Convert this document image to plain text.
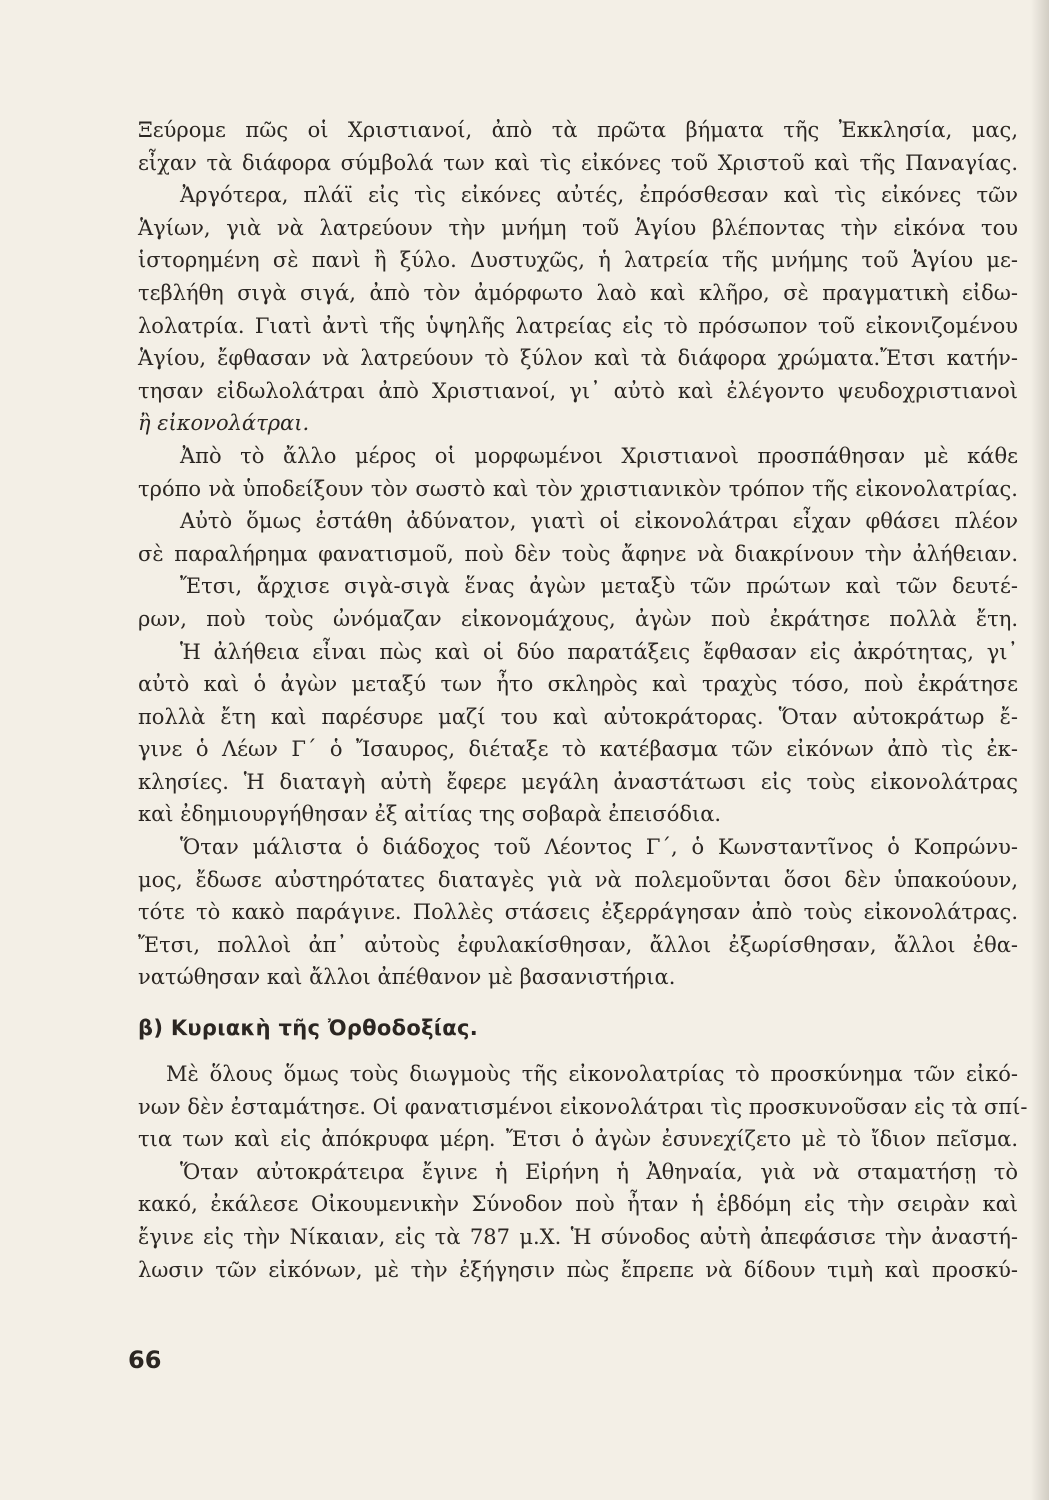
Ξεύρομε πῶς οἱ Χριστιανοί, ἀπὸ τὰ πρῶτα βήματα τῆς Ἐκκλησία, μας,
εἶχαν τὰ διάφορα σύμβολά των καὶ τὶς εἰκόνες τοῦ Χριστοῦ καὶ τῆς Παναγίας.

Ἀργότερα, πλάϊ εἰς τὶς εἰκόνες αὐτές, ἐπρόσθεσαν καὶ τὶς εἰκόνες τῶν
Ἁγίων, γιὰ νὰ λατρεύουν τὴν μνήμη τοῦ Ἁγίου βλέποντας τὴν εἰκόνα του
ἱστορημένη σὲ πανὶ ἢ ξύλο. Δυστυχῶς, ἡ λατρεία τῆς μνήμης τοῦ Ἁγίου με-
τεβλήθη σιγὰ σιγά, ἀπὸ τὸν ἀμόρφωτο λαὸ καὶ κλῆρο, σὲ πραγματικὴ εἰδω-
λολατρία. Γιατὶ ἀντὶ τῆς ὑψηλῆς λατρείας εἰς τὸ πρόσωπον τοῦ εἰκονιζομένου
Ἁγίου, ἔφθασαν νὰ λατρεύουν τὸ ξύλον καὶ τὰ διάφορα χρώματα.Ἔτσι κατήν-
τησαν εἰδωλολάτραι ἀπὸ Χριστιανοί, γι᾽ αὐτὸ καὶ ἐλέγοντο ψευδοχριστιανοὶ
ἢ εἰκονολάτραι.

Ἀπὸ τὸ ἄλλο μέρος οἱ μορφωμένοι Χριστιανοὶ προσπάθησαν μὲ κάθε
τρόπο νὰ ὑποδείξουν τὸν σωστὸ καὶ τὸν χριστιανικὸν τρόπον τῆς εἰκονολατρίας.

Αὐτὸ ὅμως ἐστάθη ἀδύνατον, γιατὶ οἱ εἰκονολάτραι εἶχαν φθάσει πλέον
σὲ παραλήρημα φανατισμοῦ, ποὺ δὲν τοὺς ἄφηνε νὰ διακρίνουν τὴν ἀλήθειαν.

Ἔτσι, ἄρχισε σιγὰ-σιγὰ ἕνας ἀγὼν μεταξὺ τῶν πρώτων καὶ τῶν δευτέ-
ρων, ποὺ τοὺς ὠνόμαζαν εἰκονομάχους, ἀγὼν ποὺ ἐκράτησε πολλὰ ἔτη.

Ἡ ἀλήθεια εἶναι πὼς καὶ οἱ δύο παρατάξεις ἔφθασαν εἰς ἀκρότητας, γι᾽
αὐτὸ καὶ ὁ ἀγὼν μεταξύ των ἦτο σκληρὸς καὶ τραχὺς τόσο, ποὺ ἐκράτησε
πολλὰ ἔτη καὶ παρέσυρε μαζί του καὶ αὐτοκράτορας. Ὅταν αὐτοκράτωρ ἔ-
γινε ὁ Λέων Γ´ ὁ Ἴσαυρος, διέταξε τὸ κατέβασμα τῶν εἰκόνων ἀπὸ τὶς ἐκ-
κλησίες. Ἡ διαταγὴ αὐτὴ ἔφερε μεγάλη ἀναστάτωσι εἰς τοὺς εἰκονολάτρας
καὶ ἐδημιουργήθησαν ἐξ αἰτίας της σοβαρὰ ἐπεισόδια.

Ὅταν μάλιστα ὁ διάδοχος τοῦ Λέοντος Γ´, ὁ Κωνσταντῖνος ὁ Κοπρώνυ-
μος, ἔδωσε αὐστηρότατες διαταγὲς γιὰ νὰ πολεμοῦνται ὅσοι δὲν ὑπακούουν,
τότε τὸ κακὸ παράγινε. Πολλὲς στάσεις ἐξερράγησαν ἀπὸ τοὺς εἰκονολάτρας.
Ἔτσι, πολλοὶ ἀπ᾽ αὐτοὺς ἐφυλακίσθησαν, ἄλλοι ἐξωρίσθησαν, ἄλλοι ἐθα-
νατώθησαν καὶ ἄλλοι ἀπέθανον μὲ βασανιστήρια.

β) Κυριακὴ τῆς Ὀρθοδοξίας.

Μὲ ὅλους ὅμως τοὺς διωγμοὺς τῆς εἰκονολατρίας τὸ προσκύνημα τῶν εἰκό-
νων δὲν ἐσταμάτησε. Οἱ φανατισμένοι εἰκονολάτραι τὶς προσκυνοῦσαν εἰς τὰ σπί-
τια των καὶ εἰς ἀπόκρυφα μέρη. Ἔτσι ὁ ἀγὼν ἐσυνεχίζετο μὲ τὸ ἴδιον πεῖσμα.

Ὅταν αὐτοκράτειρα ἔγινε ἡ Εἰρήνη ἡ Ἀθηναία, γιὰ νὰ σταματήσῃ τὸ
κακό, ἐκάλεσε Οἰκουμενικὴν Σύνοδον ποὺ ἦταν ἡ ἑβδόμη εἰς τὴν σειρὰν καὶ
ἔγινε εἰς τὴν Νίκαιαν, εἰς τὰ 787 μ.Χ. Ἡ σύνοδος αὐτὴ ἀπεφάσισε τὴν ἀναστή-
λωσιν τῶν εἰκόνων, μὲ τὴν ἐξήγησιν πὼς ἔπρεπε νὰ δίδουν τιμὴ καὶ προσκύ-

66
